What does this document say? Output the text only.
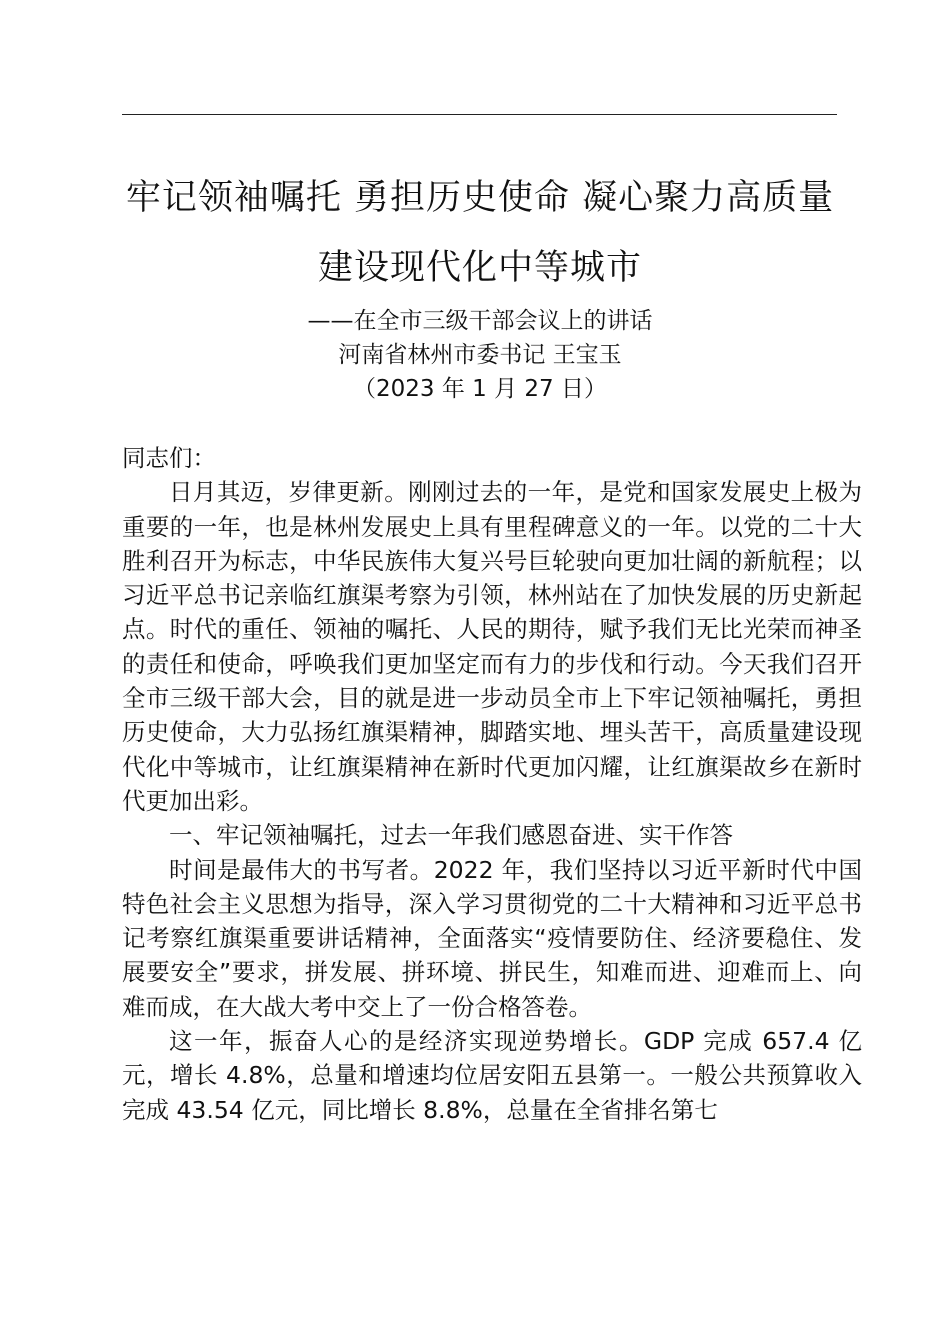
牢记领袖嘱托 勇担历史使命 凝心聚力高质量
建设现代化中等城市
——在全市三级干部会议上的讲话
河南省林州市委书记 王宝玉
（2023 年 1 月 27 日）

同志们：

日月其迈，岁律更新。刚刚过去的一年，是党和国家发展史上极为重要的一年，也是林州发展史上具有里程碑意义的一年。以党的二十大胜利召开为标志，中华民族伟大复兴号巨轮驶向更加壮阔的新航程；以习近平总书记亲临红旗渠考察为引领，林州站在了加快发展的历史新起点。时代的重任、领袖的嘱托、人民的期待，赋予我们无比光荣而神圣的责任和使命，呼唤我们更加坚定而有力的步伐和行动。今天我们召开全市三级干部大会，目的就是进一步动员全市上下牢记领袖嘱托，勇担历史使命，大力弘扬红旗渠精神，脚踏实地、埋头苦干，高质量建设现代化中等城市，让红旗渠精神在新时代更加闪耀，让红旗渠故乡在新时代更加出彩。

一、牢记领袖嘱托，过去一年我们感恩奋进、实干作答

时间是最伟大的书写者。2022 年，我们坚持以习近平新时代中国特色社会主义思想为指导，深入学习贯彻党的二十大精神和习近平总书记考察红旗渠重要讲话精神，全面落实“疫情要防住、经济要稳住、发展要安全”要求，拼发展、拼环境、拼民生，知难而进、迎难而上、向难而成，在大战大考中交上了一份合格答卷。

这一年，振奋人心的是经济实现逆势增长。GDP 完成 657.4 亿元，增长 4.8%，总量和增速均位居安阳五县第一。一般公共预算收入完成 43.54 亿元，同比增长 8.8%，总量在全省排名第七
